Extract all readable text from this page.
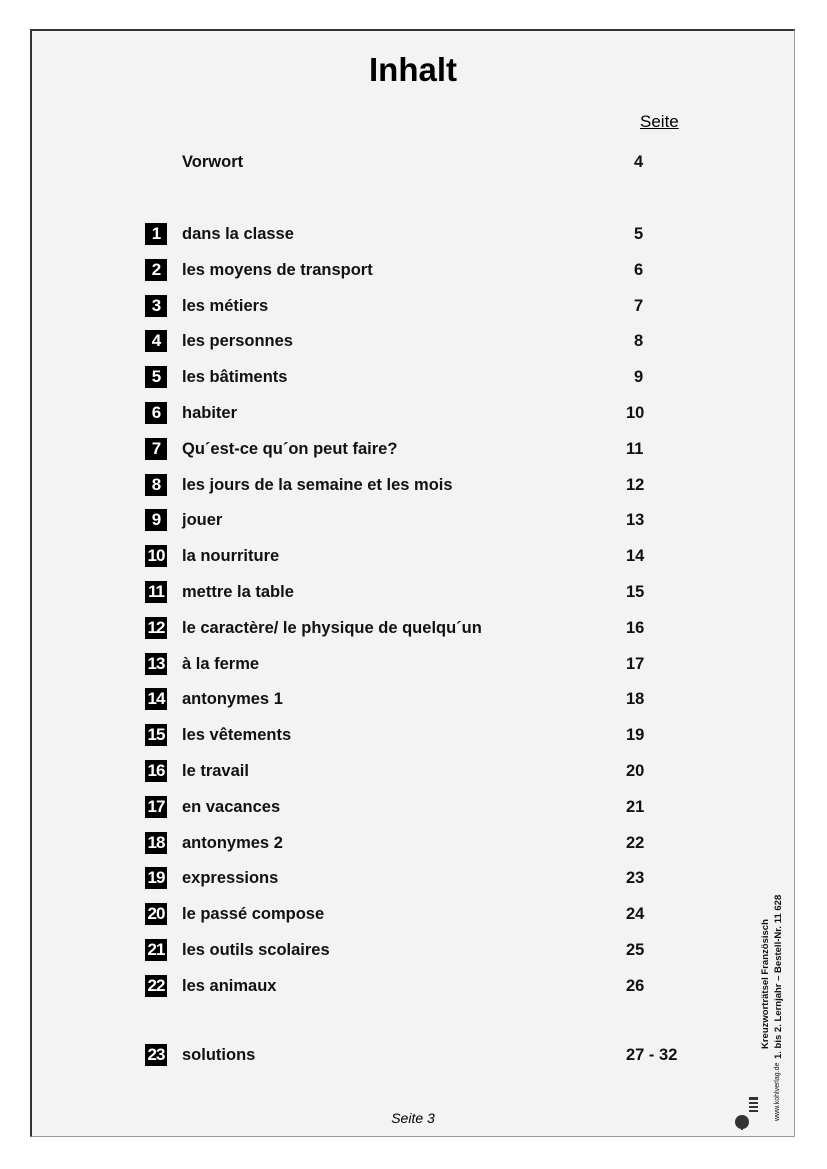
Inhalt
Seite
Vorwort	4
1	dans la classe	5
2	les moyens de transport	6
3	les métiers	7
4	les personnes	8
5	les bâtiments	9
6	habiter	10
7	Qu´est-ce qu´on peut faire?	11
8	les jours de la semaine et les mois	12
9	jouer	13
10 la nourriture	14
11 mettre la table	15
12 le caractère/ le physique de quelqu´un	16
13 à la ferme	17
14 antonymes 1	18
15 les vêtements	19
16 le travail	20
17 en vacances	21
18 antonymes 2	22
19 expressions	23
20 le passé compose	24
21 les outils scolaires	25
22 les animaux	26
23 solutions	27 - 32
Seite 3
Kreuzworträtsel Französisch 1. bis 2. Lernjahr – Bestell-Nr. 11 628
www.kohlverlag.de
